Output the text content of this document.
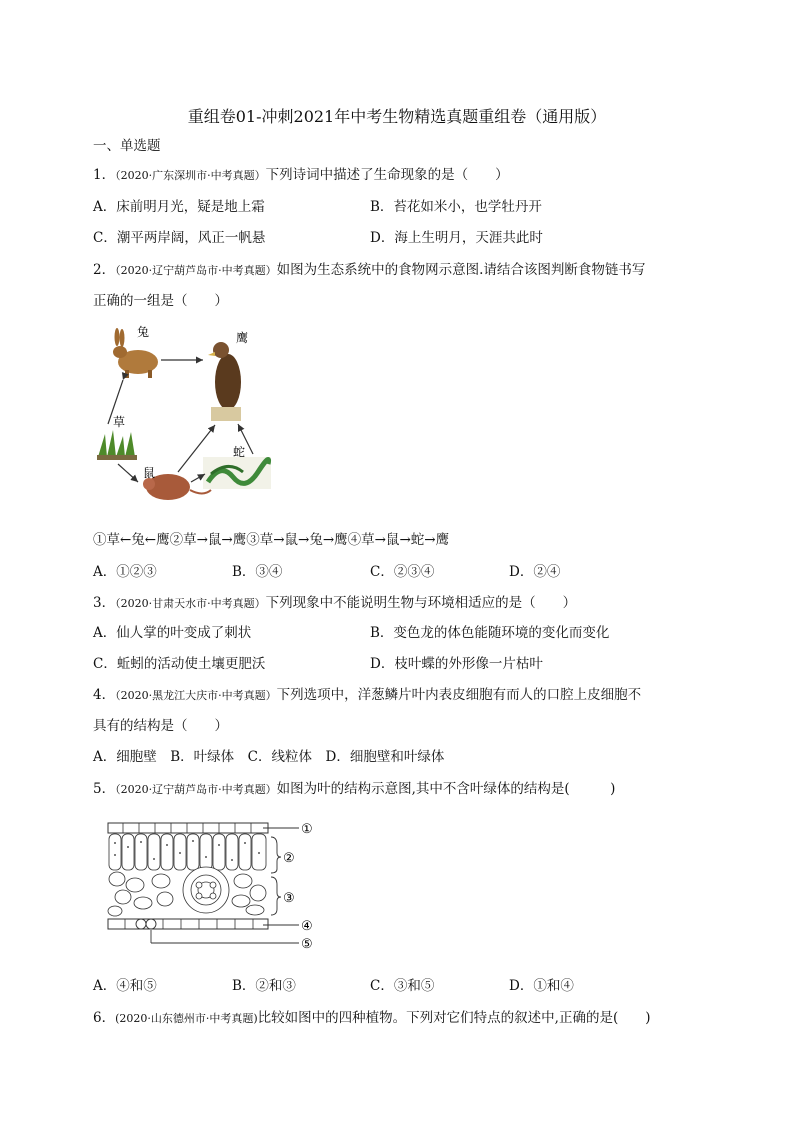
重组卷01-冲刺2021年中考生物精选真题重组卷（通用版）
一、单选题
1．（2020·广东深圳市·中考真题）下列诗词中描述了生命现象的是（　　）
A．床前明月光，疑是地上霜	B．苔花如米小，也学牡丹开
C．潮平两岸阔，风正一帆悬	D．海上生明月，天涯共此时
2．（2020·辽宁葫芦岛市·中考真题）如图为生态系统中的食物网示意图.请结合该图判断食物链书写
正确的一组是（　　）
兔	鹰
草
鼠
蛇
①草←兔←鹰②草→鼠→鹰③草→鼠→兔→鹰④草→鼠→蛇→鹰
A．①②③	B．③④	C．②③④	D．②④
3．（2020·甘肃天水市·中考真题）下列现象中不能说明生物与环境相适应的是（　　）
A．仙人掌的叶变成了刺状	B．变色龙的体色能随环境的变化而变化
C．蚯蚓的活动使土壤更肥沃	D．枝叶蝶的外形像一片枯叶
4．（2020·黑龙江大庆市·中考真题）下列选项中，洋葱鳞片叶内表皮细胞有而人的口腔上皮细胞不
具有的结构是（　　）
A．细胞壁　B．叶绿体　C．线粒体　D．细胞壁和叶绿体
5．（2020·辽宁葫芦岛市·中考真题）如图为叶的结构示意图,其中不含叶绿体的结构是(　　　)
①
②
③
④
⑤
A．④和⑤	B．②和③	C．③和⑤	D．①和④
6．(2020·山东德州市·中考真题)比较如图中的四种植物。下列对它们特点的叙述中,正确的是(　　)
